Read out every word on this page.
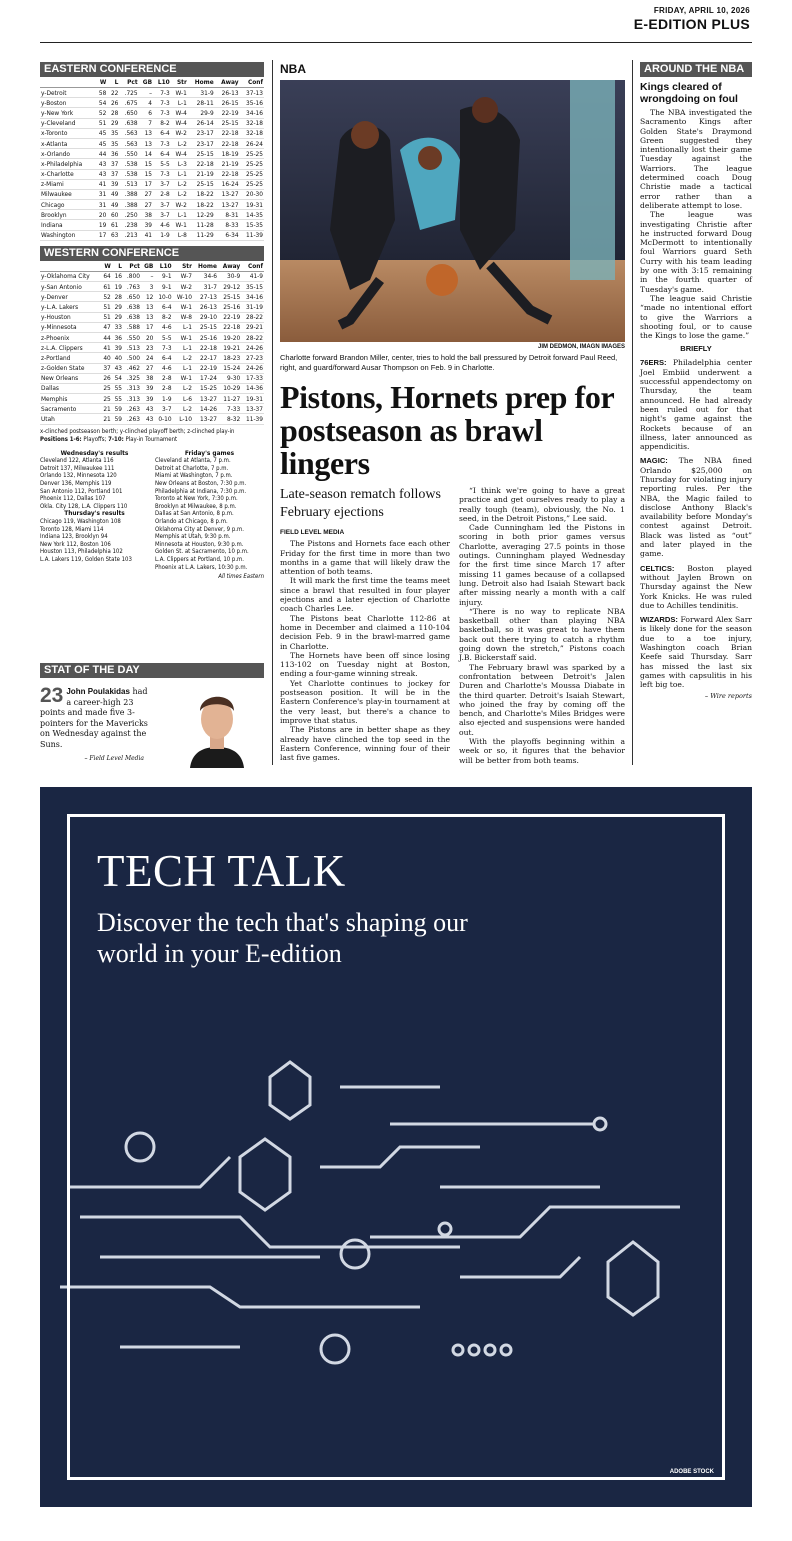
FRIDAY, APRIL 10, 2026
E-EDITION PLUS
EASTERN CONFERENCE
	W	L	Pct	GB	L10	Str	Home	Away	Conf
y-Detroit	58	22	.725	–	7-3	W-1	31-9	26-13	37-13
y-Boston	54	26	.675	4	7-3	L-1	28-11	26-15	35-16
y-New York	52	28	.650	6	7-3	W-4	29-9	22-19	34-16
y-Cleveland	51	29	.638	7	8-2	W-4	26-14	25-15	32-18
x-Toronto	45	35	.563	13	6-4	W-2	23-17	22-18	32-18
x-Atlanta	45	35	.563	13	7-3	L-2	23-17	22-18	26-24
x-Orlando	44	36	.550	14	6-4	W-4	25-15	18-19	25-25
x-Philadelphia	43	37	.538	15	5-5	L-3	22-18	21-19	25-25
x-Charlotte	43	37	.538	15	7-3	L-1	21-19	22-18	25-25
z-Miami	41	39	.513	17	3-7	L-2	25-15	16-24	25-25
Milwaukee	31	49	.388	27	2-8	L-2	18-22	13-27	20-30
Chicago	31	49	.388	27	3-7	W-2	18-22	13-27	19-31
Brooklyn	20	60	.250	38	3-7	L-1	12-29	8-31	14-35
Indiana	19	61	.238	39	4-6	W-1	11-28	8-33	15-35
Washington	17	63	.213	41	1-9	L-8	11-29	6-34	11-39
WESTERN CONFERENCE
	W	L	Pct	GB	L10	Str	Home	Away	Conf
y-Oklahoma City	64	16	.800	–	9-1	W-7	34-6	30-9	41-9
y-San Antonio	61	19	.763	3	9-1	W-2	31-7	29-12	35-15
y-Denver	52	28	.650	12	10-0	W-10	27-13	25-15	34-16
y-L.A. Lakers	51	29	.638	13	6-4	W-1	26-13	25-16	31-19
y-Houston	51	29	.638	13	8-2	W-8	29-10	22-19	28-22
y-Minnesota	47	33	.588	17	4-6	L-1	25-15	22-18	29-21
z-Phoenix	44	36	.550	20	5-5	W-1	25-16	19-20	28-22
z-L.A. Clippers	41	39	.513	23	7-3	L-1	22-18	19-21	24-26
z-Portland	40	40	.500	24	6-4	L-2	22-17	18-23	27-23
z-Golden State	37	43	.462	27	4-6	L-1	22-19	15-24	24-26
New Orleans	26	54	.325	38	2-8	W-1	17-24	9-30	17-33
Dallas	25	55	.313	39	2-8	L-2	15-25	10-29	14-36
Memphis	25	55	.313	39	1-9	L-6	13-27	11-27	19-31
Sacramento	21	59	.263	43	3-7	L-2	14-26	7-33	13-37
Utah	21	59	.263	43	0-10	L-10	13-27	8-32	11-39
x-clinched postseason berth; y-clinched playoff berth; z-clinched play-in
Positions 1-6: Playoffs; 7-10: Play-in Tournament
Wednesday's results
Cleveland 122, Atlanta 116
Detroit 137, Milwaukee 111
Orlando 132, Minnesota 120
Denver 136, Memphis 119
San Antonio 112, Portland 101
Phoenix 112, Dallas 107
Okla. City 128, L.A. Clippers 110
Thursday's results
Chicago 119, Washington 108
Toronto 128, Miami 114
Indiana 123, Brooklyn 94
New York 112, Boston 106
Houston 113, Philadelphia 102
L.A. Lakers 119, Golden State 103
Friday's games
Cleveland at Atlanta, 7 p.m.
Detroit at Charlotte, 7 p.m.
Miami at Washington, 7 p.m.
New Orleans at Boston, 7:30 p.m.
Philadelphia at Indiana, 7:30 p.m.
Toronto at New York, 7:30 p.m.
Brooklyn at Milwaukee, 8 p.m.
Dallas at San Antonio, 8 p.m.
Orlando at Chicago, 8 p.m.
Oklahoma City at Denver, 9 p.m.
Memphis at Utah, 9:30 p.m.
Minnesota at Houston, 9:30 p.m.
Golden St. at Sacramento, 10 p.m.
L.A. Clippers at Portland, 10 p.m.
Phoenix at L.A. Lakers, 10:30 p.m.
All times Eastern
STAT OF THE DAY
23 John Poulakidas had a career-high 23 points and made five 3-pointers for the Mavericks on Wednesday against the Suns.
– Field Level Media
NBA
JIM DEDMON, IMAGN IMAGES
Charlotte forward Brandon Miller, center, tries to hold the ball pressured by Detroit forward Paul Reed, right, and guard/forward Ausar Thompson on Feb. 9 in Charlotte.
Pistons, Hornets prep for postseason as brawl lingers
Late-season rematch follows February ejections
FIELD LEVEL MEDIA

The Pistons and Hornets face each other Friday for the first time in more than two months in a game that will likely draw the attention of both teams.

It will mark the first time the teams meet since a brawl that resulted in four player ejections and a later ejection of Charlotte coach Charles Lee.

The Pistons beat Charlotte 112-86 at home in December and claimed a 110-104 decision Feb. 9 in the brawl-marred game in Charlotte.

The Hornets have been off since losing 113-102 on Tuesday night at Boston, ending a four-game winning streak.

Yet Charlotte continues to jockey for postseason position. It will be in the Eastern Conference's play-in tournament at the very least, but there's a chance to improve that status.

The Pistons are in better shape as they already have clinched the top seed in the Eastern Conference, winning four of their last five games.

“I think we're going to have a great practice and get ourselves ready to play a really tough (team), obviously, the No. 1 seed, in the Detroit Pistons,” Lee said.

Cade Cunningham led the Pistons in scoring in both prior games versus Charlotte, averaging 27.5 points in those outings. Cunningham played Wednesday for the first time since March 17 after missing 11 games because of a collapsed lung. Detroit also had Isaiah Stewart back after missing nearly a month with a calf injury.

“There is no way to replicate NBA basketball other than playing NBA basketball, so it was great to have them back out there trying to catch a rhythm going down the stretch,” Pistons coach J.B. Bickerstaff said.

The February brawl was sparked by a confrontation between Detroit's Jalen Duren and Charlotte's Moussa Diabate in the third quarter. Detroit's Isaiah Stewart, who joined the fray by coming off the bench, and Charlotte's Miles Bridges were also ejected and suspensions were handed out.

With the playoffs beginning within a week or so, it figures that the behavior will be better from both teams.

AROUND THE NBA
Kings cleared of wrongdoing on foul

The NBA investigated the Sacramento Kings after Golden State's Draymond Green suggested they intentionally lost their game Tuesday against the Warriors. The league determined coach Doug Christie made a tactical error rather than a deliberate attempt to lose.

The league was investigating Christie after he instructed forward Doug McDermott to intentionally foul Warriors guard Seth Curry with his team leading by one with 3:15 remaining in the fourth quarter of Tuesday's game.

The league said Christie “made no intentional effort to give the Warriors a shooting foul, or to cause the Kings to lose the game.”

BRIEFLY

76ERS: Philadelphia center Joel Embiid underwent a successful appendectomy on Thursday, the team announced. He had already been ruled out for that night's game against the Rockets because of an illness, later announced as appendicitis.

MAGIC: The NBA fined Orlando $25,000 on Thursday for violating injury reporting rules. Per the NBA, the Magic failed to disclose Anthony Black's availability before Monday's contest against Detroit. Black was listed as “out” and later played in the game.

CELTICS: Boston played without Jaylen Brown on Thursday against the New York Knicks. He was ruled due to Achilles tendinitis.

WIZARDS: Forward Alex Sarr is likely done for the season due to a toe injury, Washington coach Brian Keefe said Thursday. Sarr has missed the last six games with capsulitis in his left big toe.

– Wire reports
TECH TALK
Discover the tech that's shaping our world in your E-edition
ADOBE STOCK
